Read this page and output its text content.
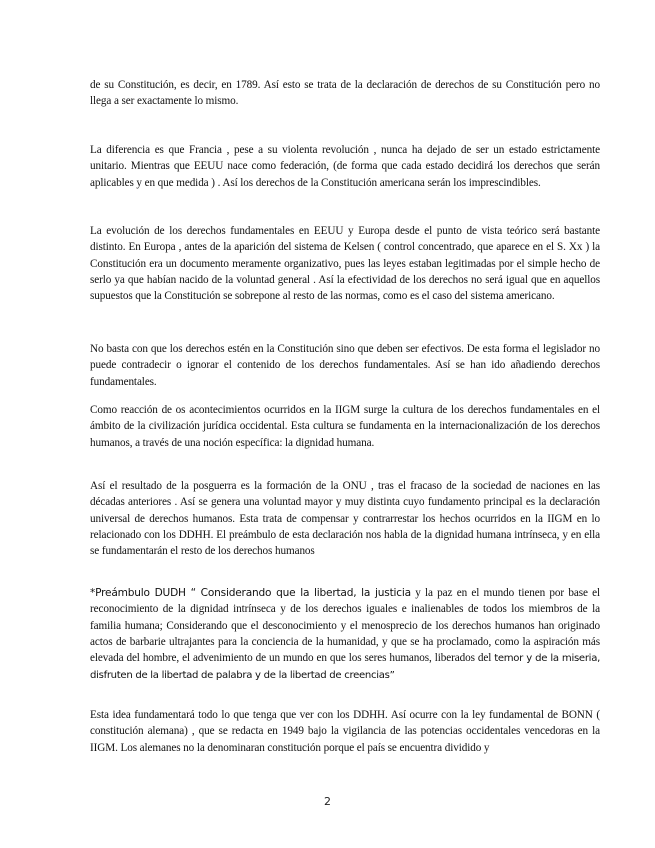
de su Constitución, es decir, en 1789. Así esto se trata de la declaración de derechos de su Constitución pero no llega a ser exactamente lo mismo.

La diferencia es que Francia , pese a su violenta revolución , nunca ha dejado de ser un estado estrictamente unitario. Mientras que EEUU nace como federación, (de forma que cada estado decidirá los derechos que serán aplicables y en que medida ) . Así los derechos de la Constitución americana serán los imprescindibles.

La evolución de los derechos fundamentales en EEUU y Europa desde el punto de vista teórico será bastante distinto. En Europa , antes de la aparición del sistema de Kelsen ( control concentrado, que aparece en el S. Xx ) la Constitución era un documento meramente organizativo, pues las leyes estaban legitimadas por el simple hecho de serlo ya que habían nacido de la voluntad general . Así la efectividad de los derechos no será igual que en aquellos supuestos que la Constitución se sobrepone al resto de las normas, como es el caso del sistema americano.

No basta con que los derechos estén en la Constitución sino que deben ser efectivos. De esta forma el legislador no puede contradecir o ignorar el contenido de los derechos fundamentales. Así se han ido añadiendo derechos fundamentales.

Como reacción de os acontecimientos ocurridos en la IIGM surge la cultura de los derechos fundamentales en el ámbito de la civilización jurídica occidental. Esta cultura se fundamenta en la internacionalización de los derechos humanos, a través de una noción específica: la dignidad humana.

Así el resultado de la posguerra es la formación de la ONU , tras el fracaso de la sociedad de naciones en las décadas anteriores . Así se genera una voluntad mayor y muy distinta cuyo fundamento principal es la declaración universal de derechos humanos. Esta trata de compensar y contrarrestar los hechos ocurridos en la IIGM en lo relacionado con los DDHH. El preámbulo de esta declaración nos habla de la dignidad humana intrínseca, y en ella se fundamentarán el resto de los derechos humanos

*Preámbulo DUDH “ Considerando que la libertad, la justicia y la paz en el mundo tienen por base el reconocimiento de la dignidad intrínseca y de los derechos iguales e inalienables de todos los miembros de la familia humana; Considerando que el desconocimiento y el menosprecio de los derechos humanos han originado actos de barbarie ultrajantes para la conciencia de la humanidad, y que se ha proclamado, como la aspiración más elevada del hombre, el advenimiento de un mundo en que los seres humanos, liberados del temor y de la miseria, disfruten de la libertad de palabra y de la libertad de creencias”

Esta idea fundamentará todo lo que tenga que ver con los DDHH. Así ocurre con la ley fundamental de BONN ( constitución alemana) , que se redacta en 1949 bajo la vigilancia de las potencias occidentales vencedoras en la IIGM. Los alemanes no la denominaran constitución porque el país se encuentra dividido y

2
